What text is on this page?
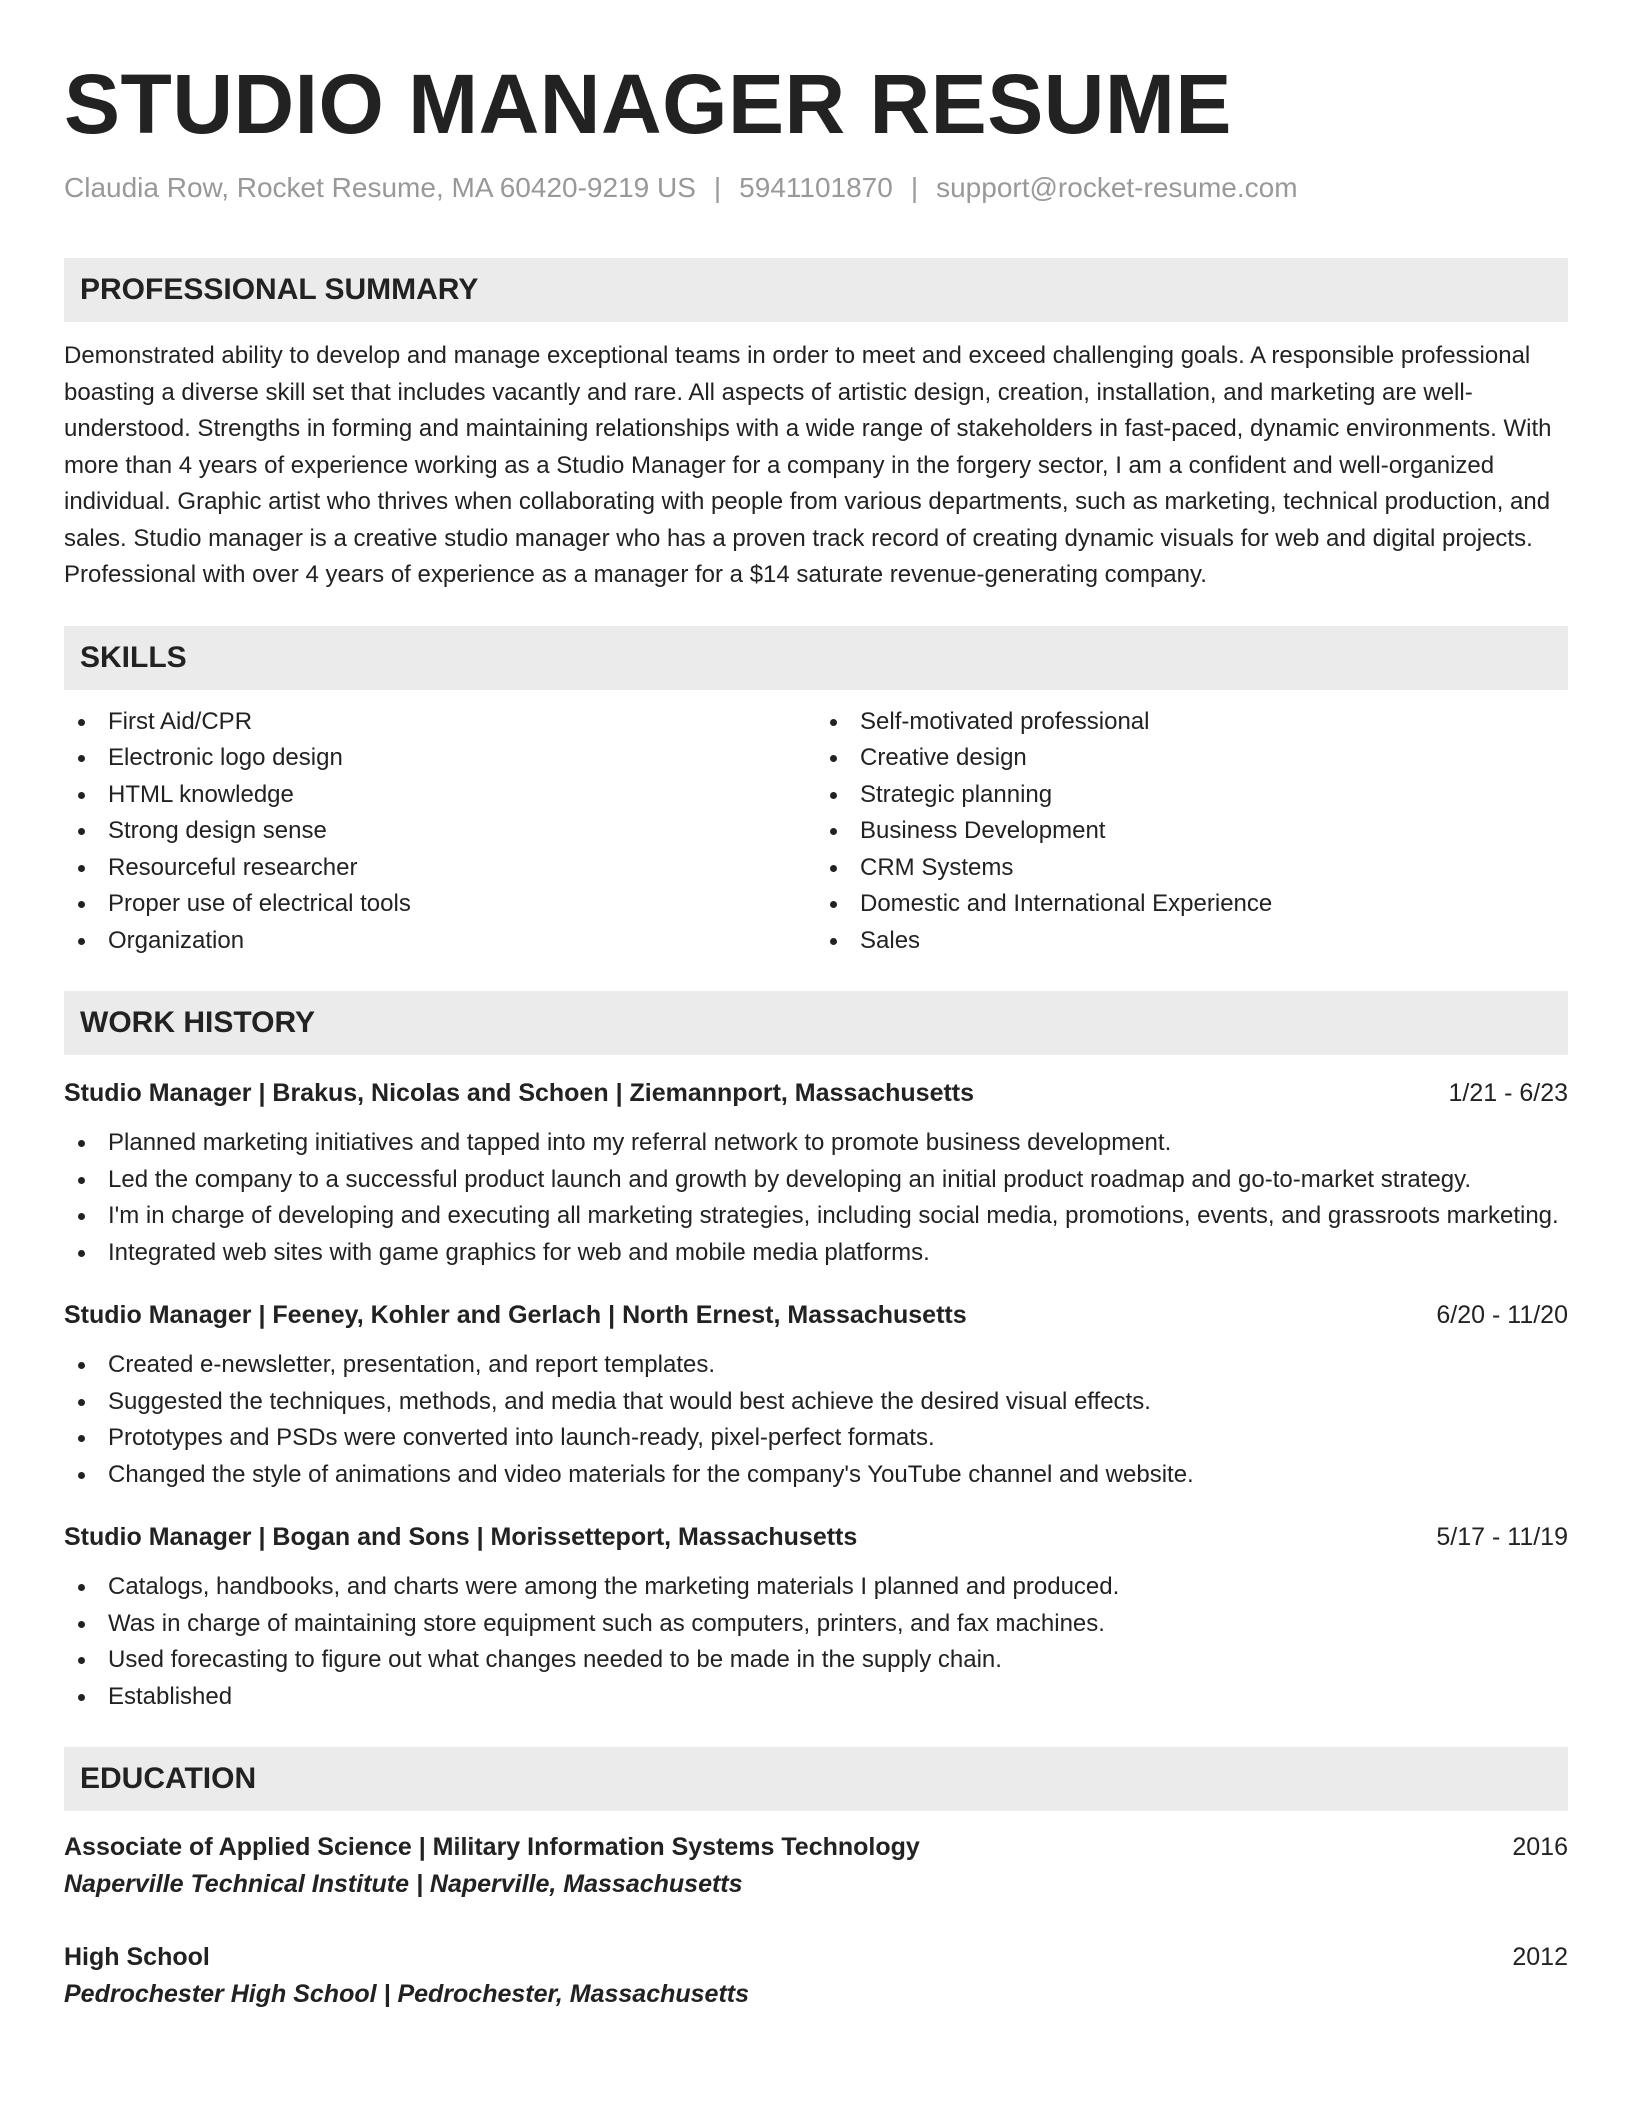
STUDIO MANAGER RESUME
Claudia Row, Rocket Resume, MA 60420-9219 US | 5941101870 | support@rocket-resume.com
PROFESSIONAL SUMMARY
Demonstrated ability to develop and manage exceptional teams in order to meet and exceed challenging goals. A responsible professional boasting a diverse skill set that includes vacantly and rare. All aspects of artistic design, creation, installation, and marketing are well-understood. Strengths in forming and maintaining relationships with a wide range of stakeholders in fast-paced, dynamic environments. With more than 4 years of experience working as a Studio Manager for a company in the forgery sector, I am a confident and well-organized individual. Graphic artist who thrives when collaborating with people from various departments, such as marketing, technical production, and sales. Studio manager is a creative studio manager who has a proven track record of creating dynamic visuals for web and digital projects. Professional with over 4 years of experience as a manager for a $14 saturate revenue-generating company.
SKILLS
First Aid/CPR
Electronic logo design
HTML knowledge
Strong design sense
Resourceful researcher
Proper use of electrical tools
Organization
Self-motivated professional
Creative design
Strategic planning
Business Development
CRM Systems
Domestic and International Experience
Sales
WORK HISTORY
Studio Manager | Brakus, Nicolas and Schoen | Ziemannport, Massachusetts	1/21 - 6/23
Planned marketing initiatives and tapped into my referral network to promote business development.
Led the company to a successful product launch and growth by developing an initial product roadmap and go-to-market strategy.
I'm in charge of developing and executing all marketing strategies, including social media, promotions, events, and grassroots marketing.
Integrated web sites with game graphics for web and mobile media platforms.
Studio Manager | Feeney, Kohler and Gerlach | North Ernest, Massachusetts	6/20 - 11/20
Created e-newsletter, presentation, and report templates.
Suggested the techniques, methods, and media that would best achieve the desired visual effects.
Prototypes and PSDs were converted into launch-ready, pixel-perfect formats.
Changed the style of animations and video materials for the company's YouTube channel and website.
Studio Manager | Bogan and Sons | Morissetteport, Massachusetts	5/17 - 11/19
Catalogs, handbooks, and charts were among the marketing materials I planned and produced.
Was in charge of maintaining store equipment such as computers, printers, and fax machines.
Used forecasting to figure out what changes needed to be made in the supply chain.
Established
EDUCATION
Associate of Applied Science | Military Information Systems Technology	2016
Naperville Technical Institute | Naperville, Massachusetts
High School	2012
Pedrochester High School | Pedrochester, Massachusetts
